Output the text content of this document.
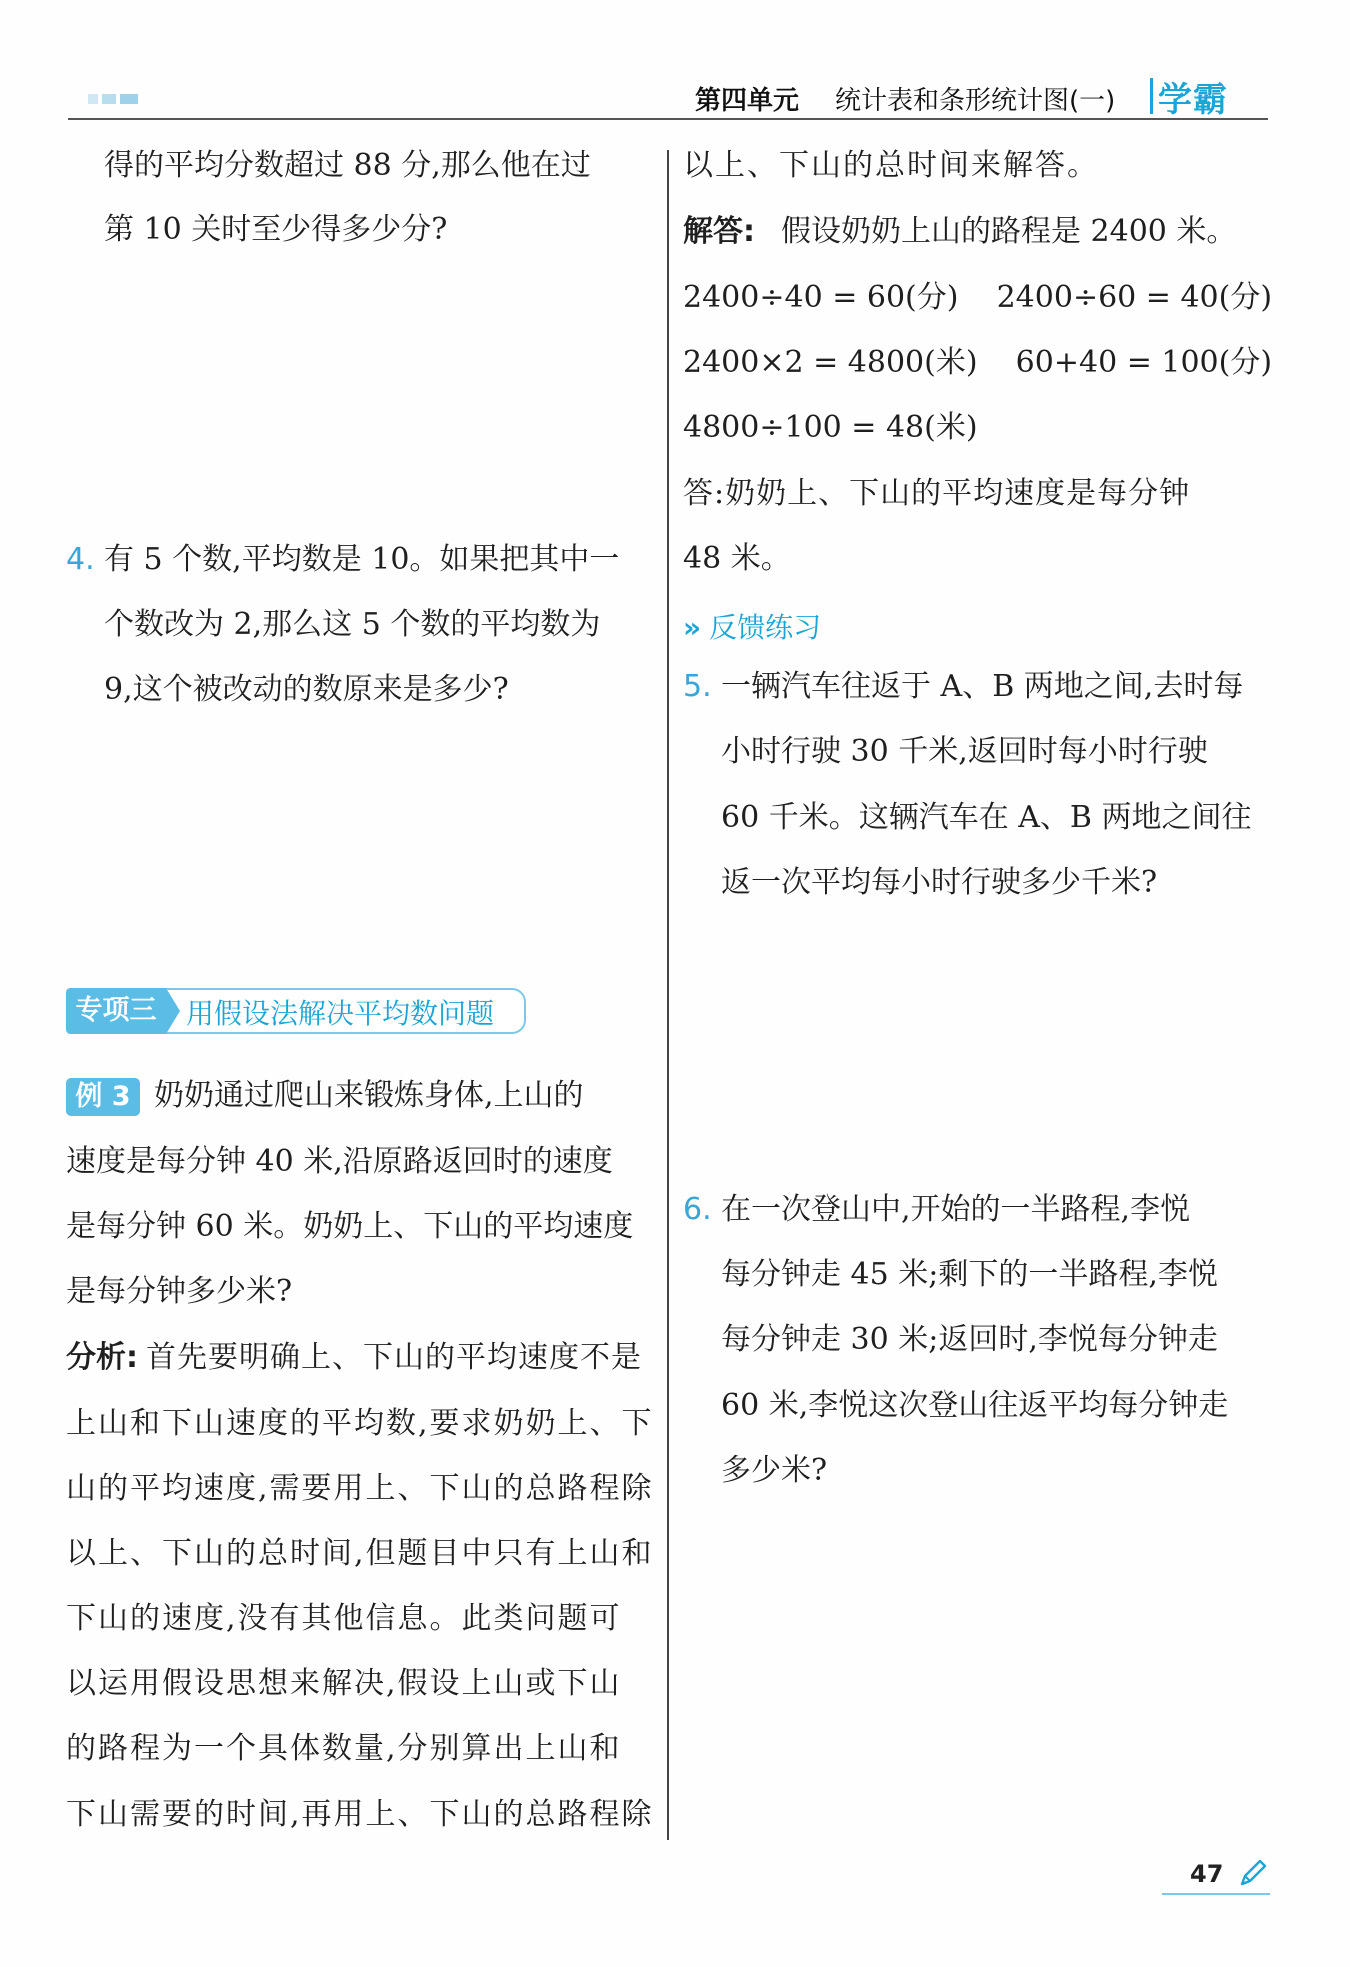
第四单元 统计表和条形统计图(一) 学霸
得的平均分数超过 88 分,那么他在过
第 10 关时至少得多少分?
4. 有 5 个数,平均数是 10。如果把其中一
个数改为 2,那么这 5 个数的平均数为
9,这个被改动的数原来是多少?
专项三	用假设法解决平均数问题
例 3 奶奶通过爬山来锻炼身体,上山的
速度是每分钟 40 米,沿原路返回时的速度
是每分钟 60 米。奶奶上、下山的平均速度
是每分钟多少米?
分析: 首先要明确上、下山的平均速度不是
上山和下山速度的平均数,要求奶奶上、下
山的平均速度,需要用上、下山的总路程除
以上、下山的总时间,但题目中只有上山和
下山的速度,没有其他信息。此类问题可
以运用假设思想来解决,假设上山或下山
的路程为一个具体数量,分别算出上山和
下山需要的时间,再用上、下山的总路程除
以上、下山的总时间来解答。
解答: 假设奶奶上山的路程是 2400 米。
2400÷40 = 60(分)    2400÷60 = 40(分)
2400×2 = 4800(米)    60+40 = 100(分)
4800÷100 = 48(米)
答:奶奶上、下山的平均速度是每分钟
48 米。
» 反馈练习
5. 一辆汽车往返于 A、B 两地之间,去时每
小时行驶 30 千米,返回时每小时行驶
60 千米。这辆汽车在 A、B 两地之间往
返一次平均每小时行驶多少千米?
6. 在一次登山中,开始的一半路程,李悦
每分钟走 45 米;剩下的一半路程,李悦
每分钟走 30 米;返回时,李悦每分钟走
60 米,李悦这次登山往返平均每分钟走
多少米?
47
